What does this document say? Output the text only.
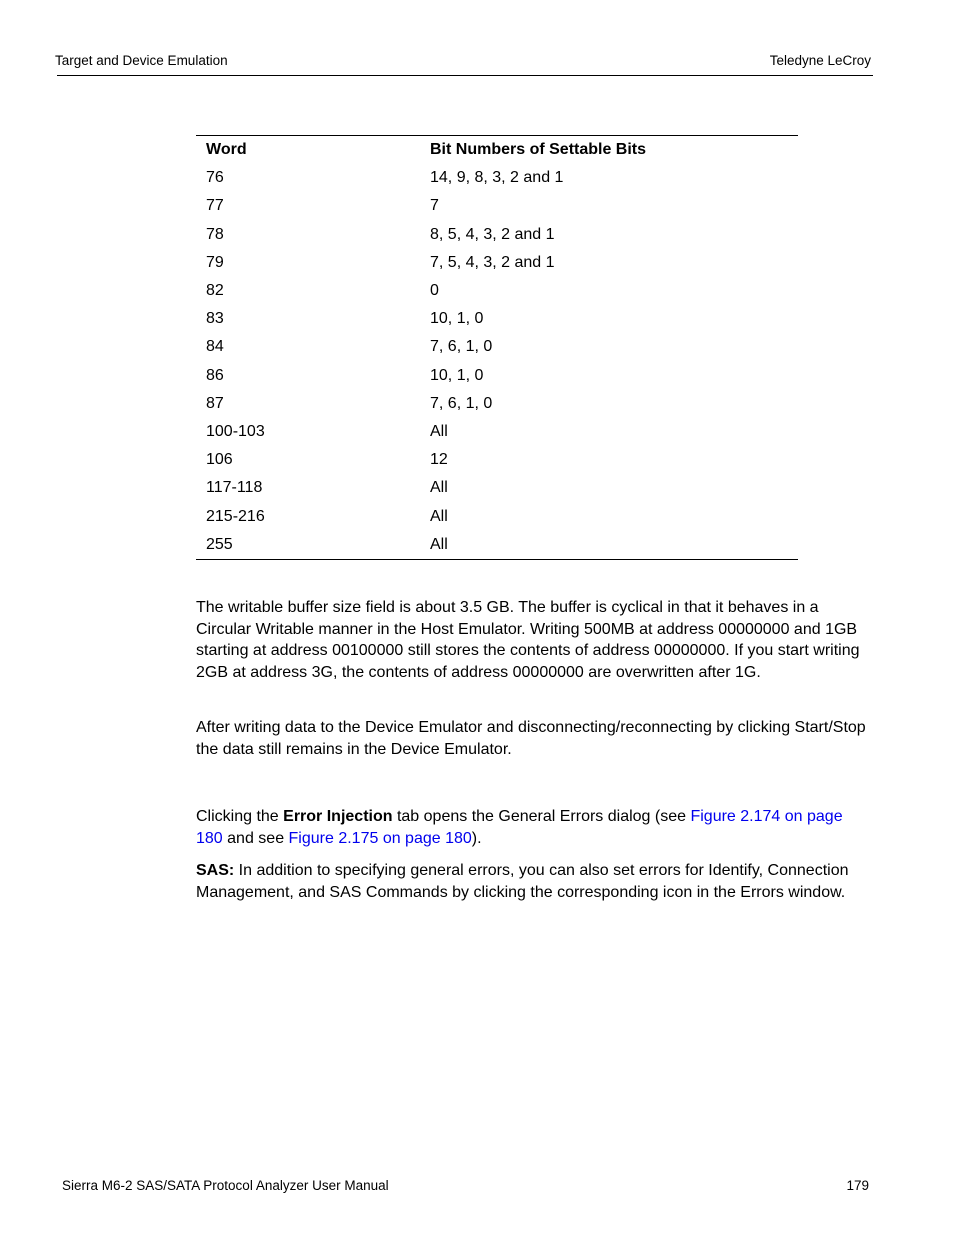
Target and Device Emulation	Teledyne LeCroy
Word	Bit Numbers of Settable Bits
76	14, 9, 8, 3, 2 and 1
77	7
78	8, 5, 4, 3, 2 and 1
79	7, 5, 4, 3, 2 and 1
82	0
83	10, 1, 0
84	7, 6, 1, 0
86	10, 1, 0
87	7, 6, 1, 0
100-103	All
106	12
117-118	All
215-216	All
255	All

The writable buffer size field is about 3.5 GB. The buffer is cyclical in that it behaves in a Circular Writable manner in the Host Emulator. Writing 500MB at address 00000000 and 1GB starting at address 00100000 still stores the contents of address 00000000. If you start writing 2GB at address 3G, the contents of address 00000000 are overwritten after 1G.

After writing data to the Device Emulator and disconnecting/reconnecting by clicking Start/Stop the data still remains in the Device Emulator.

Clicking the Error Injection tab opens the General Errors dialog (see Figure 2.174 on page 180 and see Figure 2.175 on page 180).

SAS: In addition to specifying general errors, you can also set errors for Identify, Connection Management, and SAS Commands by clicking the corresponding icon in the Errors window.

Sierra M6-2 SAS/SATA Protocol Analyzer User Manual	179
